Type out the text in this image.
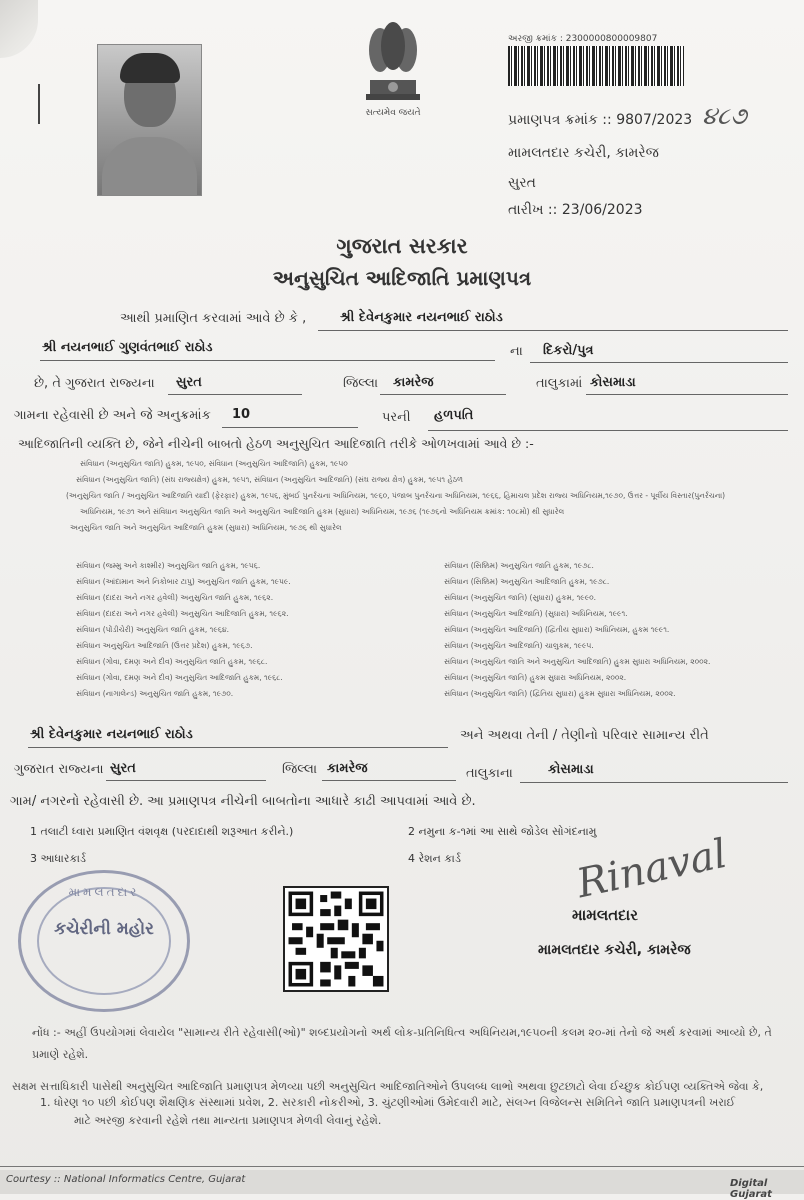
સત્યમેવ જયતે
અરજી ક્રમાંક : 2300000800009807
પ્રમાણપત્ર ક્રમાંક :: 9807/2023 ૪૮૭
મામલતદાર કચેરી, કામરેજ
સુરત
તારીખ :: 23/06/2023
ગુજરાત સરકાર
અનુસુચિત આદિજાતિ પ્રમાણપત્ર
આથી પ્રમાણિત કરવામાં આવે છે કે ,	શ્રી દેવેનકુમાર નયનભાઈ રાઠોડ
શ્રી નયનભાઈ ગુણવંતભાઈ રાઠોડ	ના દિકરો/પુત્ર
છે, તે ગુજરાત રાજ્યના સુરત	જિલ્લા કામરેજ	તાલુકામાં કોસમાડા
ગામના રહેવાસી છે અને જે અનુક્રમાંક 10	પરની હળપતિ
આદિજાતિની વ્યક્તિ છે, જેને નીચેની બાબતો હેઠળ અનુસુચિત આદિજાતિ તરીકે ઓળખવામાં આવે છે :-
સંવિધાન (અનુસુચિત જાતિ) હુકમ, ૧૯૫૦, સંવિધાન (અનુસુચિત આદિજાતિ) હુકમ, ૧૯૫૦
સંવિધાન (અનુસુચિત જાતિ) (સંઘ રાજ્યક્ષેત્ર) હુકમ, ૧૯૫૧, સંવિધાન (અનુસુચિત આદિજાતિ) (સંઘ રાજ્ય ક્ષેત્ર) હુકમ, ૧૯૫૧ હેઠળ
(અનુસુચિત જાતિ / અનુસુચિત આદિજાતિ યાદી (ફેરફાર) હુકમ, ૧૯૫૬, મુંબઈ પુનર્રચના અધિનિયમ, ૧૯૬૦, પંજાબ પુનર્રચના અધિનિયમ, ૧૯૬૬, હિમાચલ પ્રદેશ રાજ્ય અધિનિયમ,૧૯૭૦, ઉત્તર - પૂર્વીય વિસ્તાર(પુનર્રચના)
અધિનિયમ, ૧૯૭૧ અને સંવિધાન અનુસુચિત જાતિ અને અનુસુચિત આદિજાતિ હુકમ (સુધારા) અધિનિયમ, ૧૯૭૬ (૧૯૭૬નો અધિનિયમ ક્રમાંક: ૧૦૮મો) થી સુધારેલ
અનુસુચિત જાતિ અને અનુસુચિત આદિજાતિ હુકમ (સુધારા) અધિનિયમ, ૧૯૭૬ થી સુધારેલ
સંવિધાન (જમ્મુ અને કાશ્મીર) અનુસુચિત જાતિ હુકમ, ૧૯૫૬.
સંવિધાન (આંદામાન અને નિકોબાર ટાપુ) અનુસુચિત જાતિ હુકમ, ૧૯૫૯.
સંવિધાન (દાદરા અને નગર હવેલી) અનુસુચિત જાતિ હુકમ, ૧૯૬૨.
સંવિધાન (દાદરા અને નગર હવેલી) અનુસુચિત આદિજાતિ હુકમ, ૧૯૬૨.
સંવિધાન (પોંડીચેરી) અનુસુચિત જાતિ હુકમ, ૧૯૬૪.
સંવિધાન અનુસુચિત આદિજાતિ (ઉત્તર પ્રદેશ) હુકમ, ૧૯૬૭.
સંવિધાન (ગોવા, દમણ અને દીવ) અનુસુચિત જાતિ હુકમ, ૧૯૬૮.
સંવિધાન (ગોવા, દમણ અને દીવ) અનુસુચિત આદિજાતિ હુકમ, ૧૯૬૮.
સંવિધાન (નાગાલેન્ડ) અનુસુચિત જાતિ હુકમ, ૧૯૭૦.
સંવિધાન (સિક્કિમ) અનુસુચિત જાતિ હુકમ, ૧૯૭૮.
સંવિધાન (સિક્કિમ) અનુસુચિત આદિજાતિ હુકમ, ૧૯૭૮.
સંવિધાન (અનુસુચિત જાતિ) (સુધારા) હુકમ, ૧૯૯૦.
સંવિધાન (અનુસુચિત આદિજાતિ) (સુધારા) અધિનિયમ, ૧૯૯૧.
સંવિધાન (અનુસુચિત આદિજાતિ) (દ્વિતીય સુધારા) અધિનિયમ, હુકમ ૧૯૯૧.
સંવિધાન (અનુસુચિત આદિજાતિ) ચાલુકમ, ૧૯૯૫.
સંવિધાન (અનુસુચિત જાતિ અને અનુસુચિત આદિજાતિ) હુકમ સુધારા અધિનિયમ, ૨૦૦૨.
સંવિધાન (અનુસુચિત જાતિ) હુકમ સુધારા અધિનિયમ, ૨૦૦૨.
સંવિધાન (અનુસુચિત જાતિ) (દ્વિતિય સુધારા) હુકમ સુધારા અધિનિયમ, ૨૦૦૨.
શ્રી દેવેનકુમાર નયનભાઈ રાઠોડ	અને અથવા તેની / તેણીનો પરિવાર સામાન્ય રીતે
ગુજરાત રાજ્યના સુરત	જિલ્લા કામરેજ	તાલુકાના	કોસમાડા
ગામ/ નગરનો રહેવાસી છે. આ પ્રમાણપત્ર નીચેની બાબતોના આધારે કાઢી આપવામાં આવે છે.
1 તલાટી ધ્વારા પ્રમાણિત વંશવૃક્ષ (પરદાદાથી શરૂઆત કરીને.)	2 નમુના ક-૧માં આ સાથે જોડેલ સોગંદનામુ
3 આધારકાર્ડ	4 રેશન કાર્ડ
મામલતદાર
કચેરીની મહોર
Rinaval
મામલતદાર
મામલતદાર કચેરી, કામરેજ
નોંધ :- અહીં ઉપયોગમાં લેવાયેલ "સામાન્ય રીતે રહેવાસી(ઓ)" શબ્દપ્રયોગનો અર્થ લોક-પ્રતિનિધિત્વ અધિનિયમ,૧૯૫૦ની કલમ ૨૦-માં તેનો જે અર્થ કરવામાં આવ્યો છે, તે પ્રમાણે રહેશે.
સક્ષમ સત્તાધિકારી પાસેથી અનુસુચિત આદિજાતિ પ્રમાણપત્ર મેળવ્યા પછી અનુસુચિત આદિજાતિઓને ઉપલબ્ધ લાભો અથવા છુટછાટો લેવા ઈચ્છુક કોઈપણ વ્યક્તિએ જેવા કે,
1. ધોરણ ૧૦ પછી કોઈપણ શૈક્ષણિક સંસ્થામાં પ્રવેશ, 2. સરકારી નોકરીઓ, 3. ચુંટણીઓમાં ઉમેદવારી માટે, સંલગ્ન વિજેલન્સ સમિતિને જાતિ પ્રમાણપત્રની ખરાઈ
માટે અરજી કરવાની રહેશે તથા માન્યતા પ્રમાણપત્ર મેળવી લેવાનું રહેશે.
Courtesy :: National Informatics Centre, Gujarat	Digital Gujarat
